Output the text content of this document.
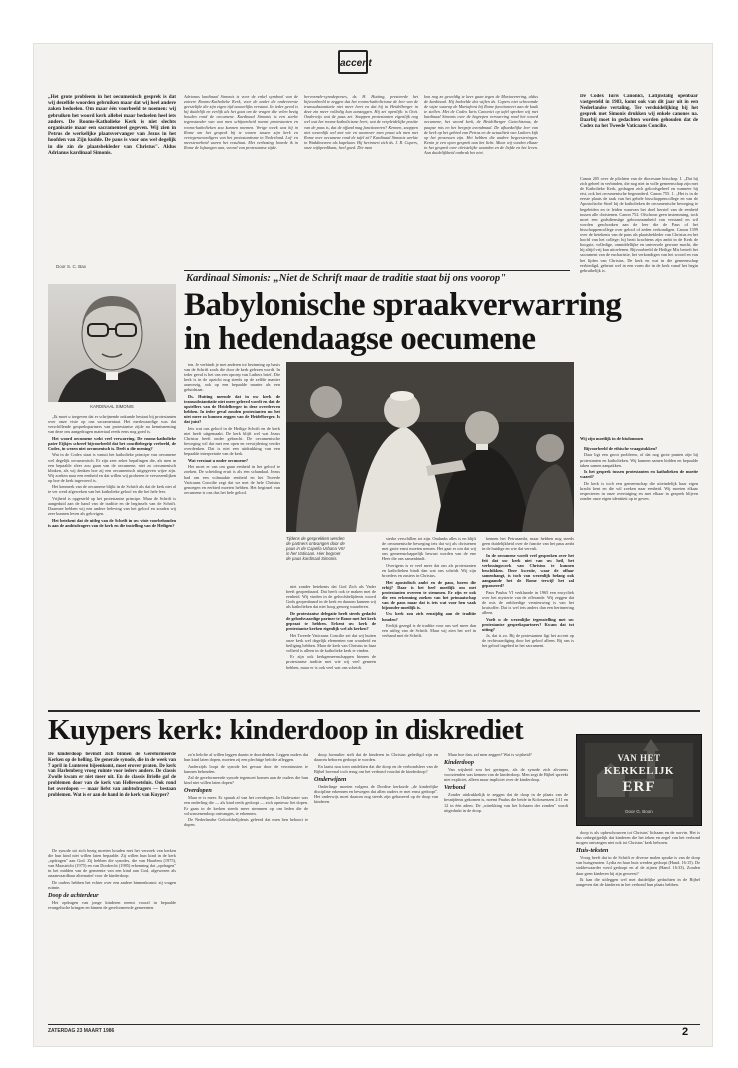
accent
„Het grote probleem in het oecumenisch gesprek is dat wij dezelfde woorden gebruiken maar dat wij heel andere zaken bedoelen. Om maar één voorbeeld te noemen: wij gebruiken het woord kerk allebei maar bedoelen heel iets anders. De Rooms-Katholieke Kerk is niet slechts organisatie maar een sacramenteel gegeven. Wij zien in Petrus de werkelijke plaatsvervanger van Jezus in het hoofden van Zijn kudde. De paus is voor ons wel degelijk in die zin de plaatsbekleder van Christus". Aldus Adrianus kardinaal Simonis.
Door S. C. Bax
Adrianus kardinaal Simonis is voor de enkel symbool van de zuivere Rooms-Katholieke Kerk, voor de ander de ondeveerste geestelijke die zijn eigen tijd nauwelijks verstaat. In ieder geval is hij duidelijk en eerlijk als het gaat om de vragen die velen bezig houden rond de oecumene. Kardinaal Simonis is een sterke tegenstander van wat men schijnenheid noemt protestanten en rooms-katholieken zou kunnen noemen. Verige week was hij in Rome om het gesprek bij te wonen tussen zijn kerk en vertegenwoordigers van het protestantisme in Nederland. Lof- en meesterarbeid waren het resultaat. Met verbazing hoorde ik in Rome de lofzangen aan, vooral van protestantse zijde.
hervormde-synodepreses, ds. H. Hutting, presteerde het bijvoorbeeld te zeggen dat het rooms-katholicisme de leer van de transsubstantiatie niet meer leert en dat hij in Heidelberger in deze zin meer volledig kun aanzeggen. Hij zei openlijk: is Ooit. Onderwijs wat de paus zei. Snappen protestanten eigenlijk nog wel wat het rooms-katholicisme leert, wat de verpleidelijke positie van de paus is, dat de offand mag functioneren? Kennen, snappen niet wezenlijk wel met wie en waarover men praat als men met Rome over oecumene rond de tafel zit? Kardinaal Simonis werkte in Waddinxveen als kapelaan. Hij herinnert zich ds. J. R. Cupers, onze wijkpredikant, heel goed. Die man
kon nog zo geweldig te keer gaan tegen de Mariaverering, aldus de kardinaal. Hij bedoelde dat wijlen ds. Cupers niet schroomde de wijze waarop de Mariafeest bij Rome functioneert aan de kaak te stellen. Met de Codex Iuris Canonici op tafel spreken wij met kardinaal Simonis over de begrepen verwarring rond het woord oecumene, het woord kerk, de Heidelberger Catechismus, de paapse mis en het bergrip avondmaal. De afhankelijke leer van de kerk op het gebied van Petrus en de actualiteit van Luthers kijk op het prosessen zijn. Het hebben die andere begeesteringen. Kenin je een open gesprek aan het licht. Maar wij vonden elkaar in het gesprek over christelijke waarden en de liefde en het leven. Aan duidelijkheid ontbrak het niet.
De Codex Iuris Canonici, Latijnstalig openbaar vastgesteld in 1983, komt ook van dit jaar uit in een Nederlandse vertaling. Ter verduidelijking bij het gesprek met Simonis drukken wij enkele canones na. Daarbij moet in gedachten worden gehouden dat de Codex na het Tweede Vaticaans Concilie.
Canon 205 over de plichten van de diocesane bisschop. I. „Dat hij zich geheel in verbinden, die nog niet in volle gemeenschap zijn met de Katholieke Kerk, gedragen zich geloofsgeheel en wanneer hij eist, ook het oecumenische begeonderd. Canon 755. 1. „Het is in de eerste plaats de taak van het gehele bisschoppencollege en van de Apostolische Stoel bij de katholieken de oecumenische beweging te begeleiden en te leiden waarvan het doel herstel van de eenheid tussen alle christenen. Canon 752. Ofschoon geen instemming, toch moet een godsdienstige gehoorzaamheid van verstand en wil worden geschonken aan de leer die de Paus of het bisschoppencollege over geloof of zeden verkondigen. Canon 1399 over de betekenis van de paus als plaatsbekleder van Christus en het hoofd van het college; hij bezit krachtens zijn ambt in de Kerk de hoogste, volledige, onmiddellijke en universele gewone macht, die hij altijd vrij kan uitoefenen. Bijvoorbeeld de Heilige Mis betreft het sacrament van de eucharistie, het verkondigen van het woord en van het lijden van Christus. De kerk en wat in die gemeenschap eerbiedigd, gebeurt wel in een vorm die in de kerk vanaf het begin gebruikelijk is.
Wij zijn moeilijk in de bisdommen

Bijvoorbeeld de ethische vraagstukken?

Daar ligt een groot probleem, of dat nog grote punten zijn bij protestanten en katholieken. Wij kunnen samen bidden en bepaalde taken samen aanpakken.

Is het gesprek tussen protestanten en katholieken de moeite waard?

De kerk is toch een gemeenschap die uiteindelijk haar eigen kracht kent en die wil zoeken naar eenheid. Wij moeten elkaar respecteren in onze overtuiging en met elkaar in gesprek blijven zonder onze eigen identiteit op te geven.

Kardinaal Simonis: „Niet de Schrift maar de traditie staat bij ons voorop"
Babylonische spraakverwarring
in hedendaagse oecumene
KARDINAAL SIMONIS

„Ik moet u toegeven dat er schrijnende onkunde bestaat bij protestanten over onze visie op ons sacramentaat. Het merkwaardige was dat verschillende gesprekspartners van protestantse zijde na kennisneming van deze ons aangedragen materiaal reeds eens nog goed is.

Het woord oecumene wekt veel verwarring. De rooms-katholieke pater Eijkjes schreef bijvoorbeeld dat het conciliebegrip verbeeld, de Codex, in wezen niet oecumenisch is. Deelt u die mening?

Wat in de Codex staat is vanuit het katholieke principe van oecumene wel degelijk oecumenisch. Er zijn zeer zeker bepalingen die, als men in een bepaalde sfeer zou gaan van de oecumene, niet zo oecumenisch klinken, als wij denken hoe zij een oecumenisch uitgegeven wijze zijn. Wij zoeken naar een eenheid en dat willen wij proberen te verwezenlijken op hoe de kerk ingevoerd is.

Het kenmerk van de oecumene blijkt in de Schrift als dat de kerk niet al te ver werd afgeweken van het katholieke geloof en die het hele leer.

Vrijheid is opgesteld op het protestantse principe. Maar de Schrift is aangeduid aan de hand van de traditie en de beginsels van de Schrift. Daarmee hebben wij een andere beleving van het geloof en zouden wij zeer kunnen leven als gelovigen.

Het betekent dat de uitleg van de Schrift in uw visie voorbehouden is aan de ambtsdragers van de kerk en die instelling van de Heiligen?

ten. Je verbindt je met anderen tot bezinning op basis van de Schrift zoals die door de kerk gelezen wordt. In ieder geval is het ons een oproep van Luthers brief. Die kerk is in de opzicht nog steeds op de zelfde manier aanwezig, ook op een bepaalde manier als een geluidstaat.

Ds. Hutting meende dat in uw kerk de transsubstantiatie niet meer geleerd wordt en dat de opstellers van de Heidelberger in deze overdreven hebben. In ieder geval zouden protestanten nu het niet meer zo kunnen zeggen van de Heidelberger. Is dat juist?

Iets wat ons geloof in de Heilige Schrift en de kerk niet heeft uitgemaakt. De kerk blijft wel wat Jezus Christus heeft onder gebracht. De oecumenische beweging wil dat met een open en verwijdering verder overdenken. Dat is niet een uitdrukking van een bepaalde interpretatie van de kerk.

Wat verstaat u onder oecumene?

Het moet er ons om gaan eenheid in het geloof te zoeken. De scheiding eruit is als een schandaal. Jezus bad om een volmaakte eenheid en het Tweede Vaticaans Concilie zegt dat we met de hele Christus genoegen en eerbied moeten hebben. Het beginsel van oecumene is ons dus het hele geloof.

Tijdens de gesprekken werden de partners ontvangen door de paus in de Capella Urbana VIII in het Vaticaan. Hier begroet de paus kardinaal Simonis.

niet zonder betekenis dat God Zich als Vader heeft geopenbaard. Dat heeft ook te maken met de eenheid. Wij vinden in de geloofsbelijdenis woord Gods geopenbaard in de kerk en daarom kunnen wij als katholieken dat niet hoog genoeg waarderen.

De protestantse delegatie heeft steeds gedacht de geloofsvaardige partner te Rome met het kerk gepraat te hebben. Erkent uw kerk de protestantse kerken eigenlijk wel als kerken?

Het Tweede Vaticaans Concilie zei dat wij buiten onze kerk wel degelijk elementen van waarheid en heiliging hebben. Maar de kerk van Christus in haar volheid is alleen in de katholieke kerk te vinden.

Er zijn ook kerkgemeenschappen binnen de protestantse traditie met wie wij veel gemeen hebben, maar er is ook veel wat ons scheidt.

sterke verschillen tot zijn. Ondanks alles is en blijft de oecumenische beweging iets dat wij als christenen met grote ernst moeten nemen. Het gaat er om dat wij ons gemeenschappelijk bewust worden van de ene Heer die ons samenbindt.

Overigens is er veel meer dat ons als protestanten en katholieken bindt dan wat ons scheidt. Wij zijn broeders en zusters in Christus.

Het apostolisch ambt en de paus, horen die erbij? Daar is het heel moeilijk om met protestanten overeen te stemmen. Er zijn er ook die een erkenning zoeken van het primaatschap van de paus maar dat is iets wat voor hen vaak bijzonder moeilijk is.

Uw kerk zou zich eenzijdig aan de traditie houden?

Eerlijk gezegd is de traditie voor ons wel meer dan een uitleg van de Schrift. Maar wij zien het wel in verband met de Schrift.

kennen het Petrusambt, maar hebben nog steeds geen duidelijkheid over de functie van het paus ambt in de huidige en wie dat vervult.

In de oecumene wordt veel gesproken over het feit dat uw kerk niet van uw heil, het verlossingswerk van Christus te kunnen beschikken. Deze kwestie, waar de offaar samenhangt, is toch van wezenlijk belang ook aangaande het de Rome terwijl het zal gepasseerd?

Paus Paulus VI verklaarde in 1965 een encycliek over het mysterie van de offerande. Wij zeggen dat de mis de onbloedige vernieuwing is van het kruisoffer. Dat is wel iets anders dan een herinnering alleen.

Voelt u de wezenlijke tegenstelling met uw protestantse gesprekspartners? Kwam dat tot uiting?

Ja, dat is zo. Bij de protestanten ligt het accent op de rechtvaardiging door het geloof alleen. Bij ons is het geloof ingebed in het sacrament.

Kuypers kerk: kinderdoop in diskrediet
De kinderdoop bevindt zich binnen de Gereformeerde Kerken op de helling. De generale synode, die in de week van 7 april in Lunteren bijeenkomt, moet erover praten. De kerk van Harlemberg vroeg ruimte voor ieders andere. De classis Zwolle kwam er niet meer uit. En de classis Brielle gaf de problemen door van de kerk van Hellevoetsluis. Ook rond het overdopen — maar liefst van ambtsdragers — bestaan problemen. Wat is er aan de hand in de kerk van Kuyper?

De synode uit zich bezig moeten houden met het verzoek van kerken die hun kind niet willen laten bepaalde. Zij willen hun kind in de kerk „opdragen" aan God. Zij hebben die synodes, die van Haarlem (1975), van Maastricht (1975) en van Dordrecht (1985) erkenning dat „opdragen" in het midden van de gemeente van een kind aan God, afgewezen als onaanvaardbaar alternatief voor de kinderdoop.

De ouders hebben het echter over een andere binnenkomst: zij vragen ruimte.

Doop de achterdeur

Het opdragen van jonge kinderen neemt vooral in bepaalde evangelische kringen en binnen de gereformeerde gemeenten.

zo'n belofte af willen leggen daarin te doordenken. Leggen ouders dat hun kind laten dopen, moeten zij een plechtige belofte afleggen.

Anderzijds loopt de synode het gevaar door de verontrusten te kunnen behouden.

Zal de gereformeerde synode tegemoet komen aan de ouders die hun kind niet willen laten dopen?

Overdopen

Maar er is meer. Er spraak al van het overdopen. In Oudewater was een onderling die — als kind reeds gedoopt — zich opnieuw liet dopen. Er gaan in de kerken steeds meer stemmen op om leden die de volwassenendoop ontvangen, te erkennen.

De Nederlandse Geloofsbelijdenis geleerd dat men hen behoort te dopen.

doop formulier stelt dat de kinderen in Christus geheiligd zijn en daarom behoren gedoopt te worden.

En laatst nou toen ontdekten dat die doop en de verbondsleer van de Bijbel bovenal toch terug om het verbond voordat de kinderdoop?

Onderwijzen

Onderlinge moeten volgens de Dordtse kerkorde „de kinderlijke discipline erkennen en bewegen dat allen ouders er met ernst gedoopt". Het onderwijs moet daarom nog steeds zijn gebaseerd op de doop van kinderen.

Maar hoe dan, zal men zeggen? Wat is wijsheid?

Kinderdoop

Van wijsheid zou het geringen, als de synode zich alvorens voorzienden was kennen van de kinderdoop. Men zegt de Bijbel spreekt niet expliciet, alleen maar impliciet over de kinderdoop.

Verbond

Zonder uitdrukkelijk te zeggen dat de doop in de plaats van de besnijdenis gekomen is, noemt Paulus die beide in Kolossenzen 2:11 en 12 in één adem. De „uitrekking van het lichaam der zonden" wordt uitgedrukt in de doop.

VAN HET
KERKELIJK
ERF
Door G. Boon

doop is als opbeschouwen tot Christus' lichaam en de oorvin. Het is dus onbegrijpelijk dat kinderen die het teken en zegel van het verbond mogen ontvangen niet ook tot Christus' kerk behoren.

Huis-teksten

Voorg heeft dat in de Schrift er diverse malen sprake is van de doop van huisgenoten. Lydia en haar huis werden gedoopt (Hand. 16:15). De stokbewaarder werd gedoopt en al de zijnen (Hand. 16:33). Zouden daar geen kinderen bij zijn geweest?

Ik kan die uitleggen wel met duidelijke gedachten in de Bijbel aangeven dat de kinderen in het verbond hun plaats hebben.

ZATERDAG 23 MAART 1986	2
